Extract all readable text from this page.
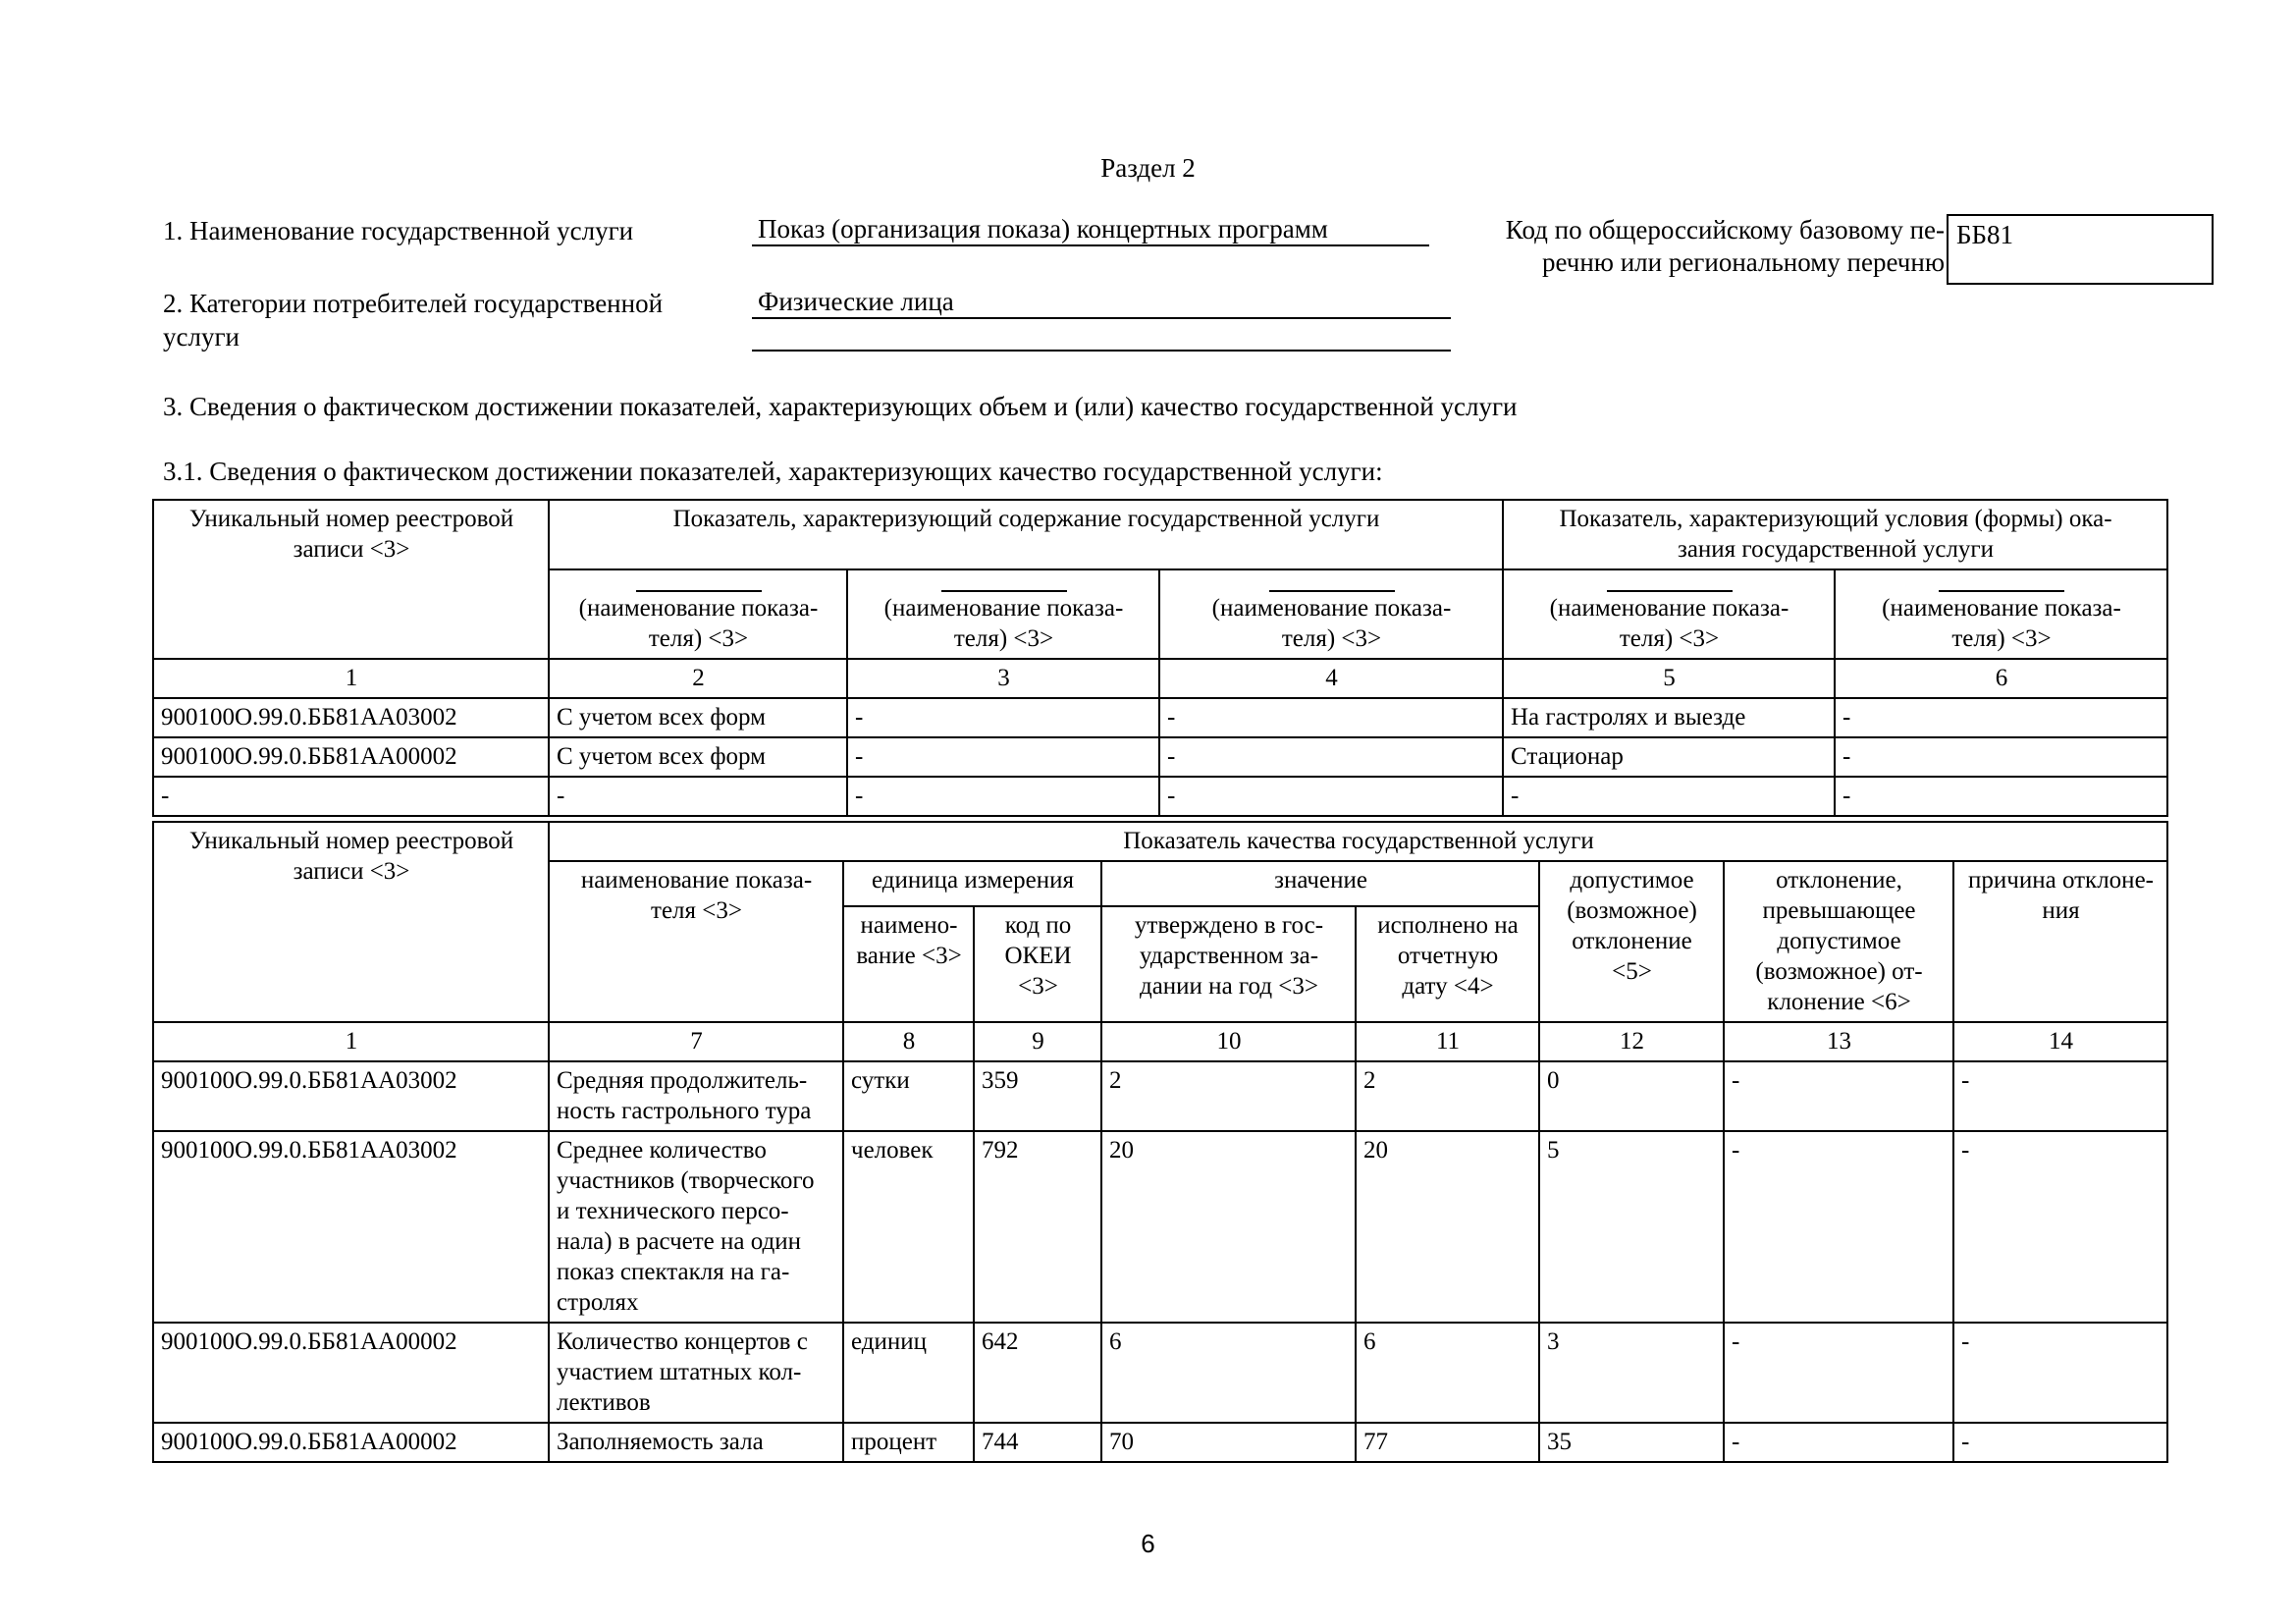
Раздел 2
1. Наименование государственной услуги	Показ (организация показа) концертных программ
2. Категории потребителей государственной
услуги
Физические лица
Код по общероссийскому базовому пе-
речню или региональному перечню
ББ81
3. Сведения о фактическом достижении показателей, характеризующих объем и (или) качество государственной услуги
3.1. Сведения о фактическом достижении показателей, характеризующих качество государственной услуги:
Уникальный номер реестровой
записи <3>
	Показатель, характеризующий содержание государственной услуги	Показатель, характеризующий условия (формы) ока-
зания государственной услуги

(наименование показа-
теля) <3>

(наименование показа-
теля) <3>

(наименование показа-
теля) <3>

(наименование показа-
теля) <3>

(наименование показа-
теля) <3>

1	2	3	4	5	6
900100О.99.0.ББ81АА03002	С учетом всех форм	-	-	На гастролях и выезде	-
900100О.99.0.ББ81АА00002	С учетом всех форм	-	-	Стационар	-
-	-	-	-	-	-
Уникальный номер реестровой
записи <3>	Показатель качества государственной услуги							

наименование показа-
теля <3>
	единица измерения	значение	допустимое
(возможное)
отклонение
<5>

отклонение,
превышающее
допустимое
(возможное) от-
клонение <6>

причина отклоне-
ния

наимено-
вание <3>

код по
ОКЕИ
<3>

утверждено в гос-
ударственном за-
дании на год <3>

исполнено на
отчетную
дату <4>

1	7	8	9	10	11	12	13	14
900100О.99.0.ББ81АА03002	Средняя продолжитель-
ность гастрольного тура	сутки	359	2	2	0	-	-
900100О.99.0.ББ81АА03002	Среднее количество
участников (творческого
и технического персо-
нала) в расчете на один
показ спектакля на га-
стролях	человек	792	20	20	5	-	-
900100О.99.0.ББ81АА00002	Количество концертов с
участием штатных кол-
лективов	единиц	642	6	6	3	-	-
900100О.99.0.ББ81АА00002	Заполняемость зала	процент	744	70	77	35	-	-
6
